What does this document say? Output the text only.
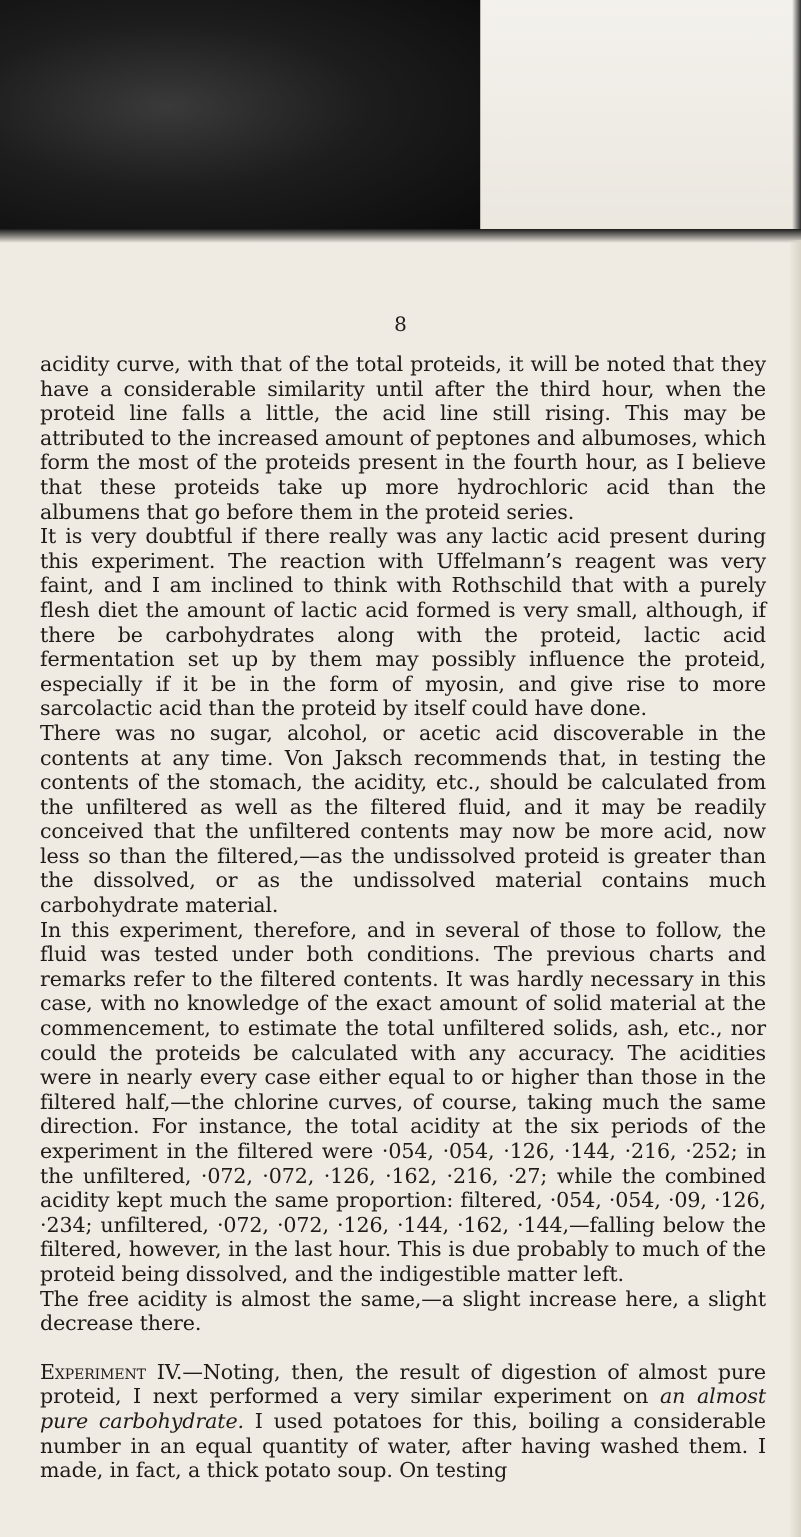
8

acidity curve, with that of the total proteids, it will be noted that they have a considerable similarity until after the third hour, when the proteid line falls a little, the acid line still rising. This may be attributed to the increased amount of peptones and albumoses, which form the most of the proteids present in the fourth hour, as I believe that these proteids take up more hydrochloric acid than the albumens that go before them in the proteid series.

It is very doubtful if there really was any lactic acid present during this experiment. The reaction with Uffelmann’s reagent was very faint, and I am inclined to think with Rothschild that with a purely flesh diet the amount of lactic acid formed is very small, although, if there be carbohydrates along with the proteid, lactic acid fermentation set up by them may possibly influence the proteid, especially if it be in the form of myosin, and give rise to more sarcolactic acid than the proteid by itself could have done.

There was no sugar, alcohol, or acetic acid discoverable in the contents at any time. Von Jaksch recommends that, in testing the contents of the stomach, the acidity, etc., should be calculated from the unfiltered as well as the filtered fluid, and it may be readily conceived that the unfiltered contents may now be more acid, now less so than the filtered,—as the undissolved proteid is greater than the dissolved, or as the undissolved material contains much carbohydrate material.

In this experiment, therefore, and in several of those to follow, the fluid was tested under both conditions. The previous charts and remarks refer to the filtered contents. It was hardly necessary in this case, with no knowledge of the exact amount of solid material at the commencement, to estimate the total unfiltered solids, ash, etc., nor could the proteids be calculated with any accuracy. The acidities were in nearly every case either equal to or higher than those in the filtered half,—the chlorine curves, of course, taking much the same direction. For instance, the total acidity at the six periods of the experiment in the filtered were ·054, ·054, ·126, ·144, ·216, ·252; in the unfiltered, ·072, ·072, ·126, ·162, ·216, ·27; while the combined acidity kept much the same proportion: filtered, ·054, ·054, ·09, ·126, ·234; unfiltered, ·072, ·072, ·126, ·144, ·162, ·144,—falling below the filtered, however, in the last hour. This is due probably to much of the proteid being dissolved, and the indigestible matter left.

The free acidity is almost the same,—a slight increase here, a slight decrease there.

Experiment IV.—Noting, then, the result of digestion of almost pure proteid, I next performed a very similar experiment on an almost pure carbohydrate. I used potatoes for this, boiling a considerable number in an equal quantity of water, after having washed them. I made, in fact, a thick potato soup. On testing
